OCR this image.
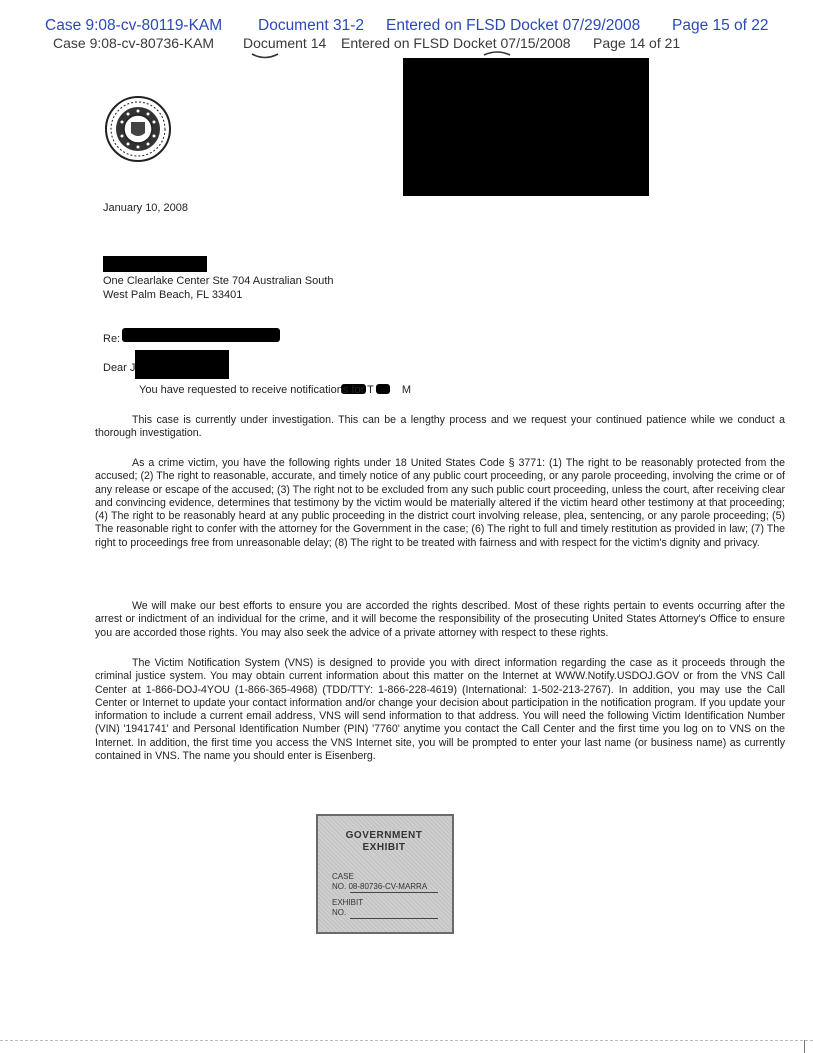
Case 9:08-cv-80119-KAM Document 31-2 Entered on FLSD Docket 07/29/2008 Page 15 of 22
Case 9:08-cv-80736-KAM Document 14 Entered on FLSD Docket 07/15/2008 Page 14 of 21
January 10, 2008
One Clearlake Center Ste 704 Australian South
West Palm Beach, FL 33401
Re:
Dear J
You have requested to receive notifications for T	M

This case is currently under investigation. This can be a lengthy process and we request your continued patience while we conduct a thorough investigation.

As a crime victim, you have the following rights under 18 United States Code § 3771: (1) The right to be reasonably protected from the accused; (2) The right to reasonable, accurate, and timely notice of any public court proceeding, or any parole proceeding, involving the crime or of any release or escape of the accused; (3) The right not to be excluded from any such public court proceeding, unless the court, after receiving clear and convincing evidence, determines that testimony by the victim would be materially altered if the victim heard other testimony at that proceeding; (4) The right to be reasonably heard at any public proceeding in the district court involving release, plea, sentencing, or any parole proceeding; (5) The reasonable right to confer with the attorney for the Government in the case; (6) The right to full and timely restitution as provided in law; (7) The right to proceedings free from unreasonable delay; (8) The right to be treated with fairness and with respect for the victim's dignity and privacy.

We will make our best efforts to ensure you are accorded the rights described. Most of these rights pertain to events occurring after the arrest or indictment of an individual for the crime, and it will become the responsibility of the prosecuting United States Attorney's Office to ensure you are accorded those rights. You may also seek the advice of a private attorney with respect to these rights.

The Victim Notification System (VNS) is designed to provide you with direct information regarding the case as it proceeds through the criminal justice system. You may obtain current information about this matter on the Internet at WWW.Notify.USDOJ.GOV or from the VNS Call Center at 1-866-DOJ-4YOU (1-866-365-4968) (TDD/TTY: 1-866-228-4619) (International: 1-502-213-2767). In addition, you may use the Call Center or Internet to update your contact information and/or change your decision about participation in the notification program. If you update your information to include a current email address, VNS will send information to that address. You will need the following Victim Identification Number (VIN) '1941741' and Personal Identification Number (PIN) '7760' anytime you contact the Call Center and the first time you log on to VNS on the Internet. In addition, the first time you access the VNS Internet site, you will be prompted to enter your last name (or business name) as currently contained in VNS. The name you should enter is Eisenberg.

GOVERNMENT
EXHIBIT
CASE
NO. 08-80736-CV-MARRA
EXHIBIT
NO.
